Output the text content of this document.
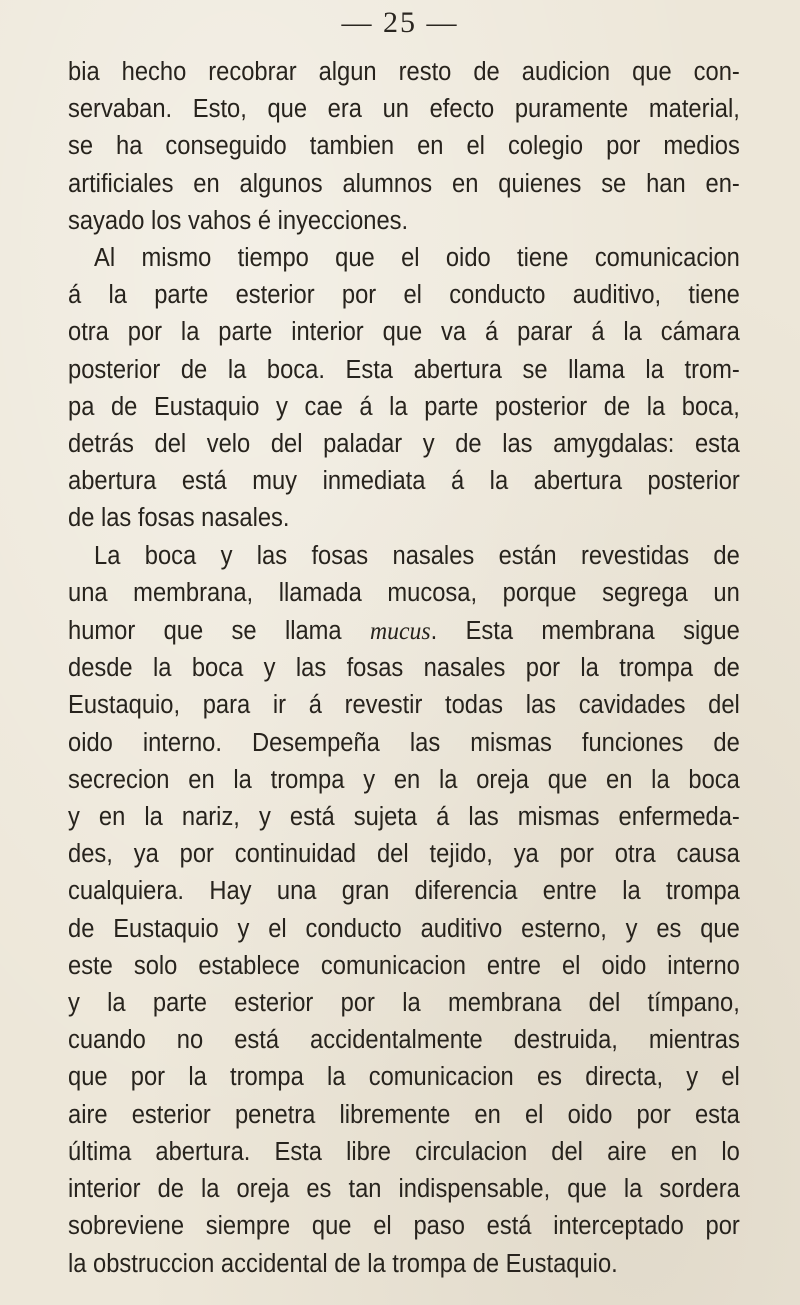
— 25 —

bia hecho recobrar algun resto de audicion que con-

servaban. Esto, que era un efecto puramente material,

se ha conseguido tambien en el colegio por medios

artificiales en algunos alumnos en quienes se han en-

sayado los vahos é inyecciones.

Al mismo tiempo que el oido tiene comunicacion

á la parte esterior por el conducto auditivo, tiene

otra por la parte interior que va á parar á la cámara

posterior de la boca. Esta abertura se llama la trom-

pa de Eustaquio y cae á la parte posterior de la boca,

detrás del velo del paladar y de las amygdalas: esta

abertura está muy inmediata á la abertura posterior

de las fosas nasales.

La boca y las fosas nasales están revestidas de

una membrana, llamada mucosa, porque segrega un

humor que se llama mucus. Esta membrana sigue

desde la boca y las fosas nasales por la trompa de

Eustaquio, para ir á revestir todas las cavidades del

oido interno. Desempeña las mismas funciones de

secrecion en la trompa y en la oreja que en la boca

y en la nariz, y está sujeta á las mismas enfermeda-

des, ya por continuidad del tejido, ya por otra causa

cualquiera. Hay una gran diferencia entre la trompa

de Eustaquio y el conducto auditivo esterno, y es que

este solo establece comunicacion entre el oido interno

y la parte esterior por la membrana del tímpano,

cuando no está accidentalmente destruida, mientras

que por la trompa la comunicacion es directa, y el

aire esterior penetra libremente en el oido por esta

última abertura. Esta libre circulacion del aire en lo

interior de la oreja es tan indispensable, que la sordera

sobreviene siempre que el paso está interceptado por

la obstruccion accidental de la trompa de Eustaquio.
